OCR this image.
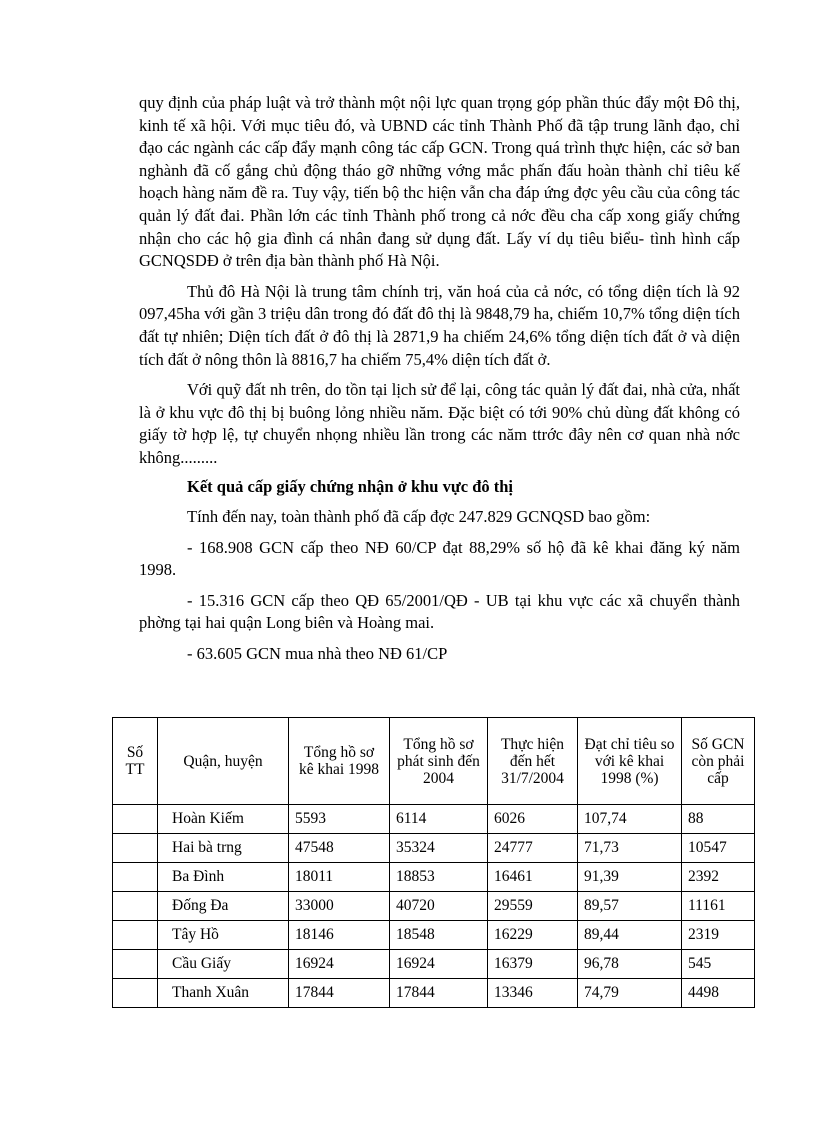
quy định của pháp luật và trở thành một nội lực quan trọng góp phần thúc đẩy một Đô thị, kinh tế xã hội. Với mục tiêu đó, và UBND các tỉnh Thành Phố đã tập trung lãnh đạo, chỉ đạo các ngành các cấp đẩy mạnh công tác cấp GCN. Trong quá trình thực hiện, các sở ban nghành đã cố gắng chủ động tháo gỡ những vớng mắc phấn đấu hoàn thành chỉ tiêu kế hoạch hàng năm đề ra. Tuy vậy, tiến bộ thc hiện vẫn cha đáp ứng đợc yêu cầu của công tác quản lý đất đai. Phần lớn các tỉnh Thành phố trong cả nớc đều cha cấp xong giấy chứng nhận cho các hộ gia đình cá nhân đang sử dụng đất. Lấy ví dụ tiêu biểu- tình hình cấp GCNQSDĐ ở trên địa bàn thành phố Hà Nội.

Thủ đô Hà Nội là trung tâm chính trị, văn hoá của cả nớc, có tổng diện tích là 92 097,45ha với gần 3 triệu dân trong đó đất đô thị là 9848,79 ha, chiếm 10,7% tổng diện tích đất tự nhiên; Diện tích đất ở đô thị là 2871,9 ha chiếm 24,6% tổng diện tích đất ở và diện tích đất ở nông thôn là 8816,7 ha chiếm 75,4% diện tích đất ở.

Với quỹ đất nh trên, do tồn tại lịch sử để lại, công tác quản lý đất đai, nhà cửa, nhất là ở khu vực đô thị bị buông lỏng nhiều năm. Đặc biệt có tới 90% chủ dùng đất không có giấy tờ hợp lệ, tự chuyển nhọng nhiều lần trong các năm ttrớc đây nên cơ quan nhà nớc không.........

Kết quả cấp giấy chứng nhận ở khu vực đô thị

Tính đến nay, toàn thành phố đã cấp đợc 247.829 GCNQSD bao gồm:

- 168.908 GCN cấp theo NĐ 60/CP đạt 88,29% số hộ đã kê khai đăng ký năm 1998.

- 15.316 GCN cấp theo QĐ 65/2001/QĐ - UB tại khu vực các xã chuyển thành phờng tại hai quận Long biên và Hoàng mai.

- 63.605 GCN mua nhà theo NĐ 61/CP

Số TT	Quận, huyện	Tổng hồ sơ kê khai 1998	Tổng hồ sơ phát sinh đến 2004	Thực hiện đến hết 31/7/2004	Đạt chỉ tiêu so với kê khai 1998 (%)	Số GCN còn phải cấp
	Hoàn Kiếm	5593	6114	6026	107,74	88
	Hai bà trng	47548	35324	24777	71,73	10547
	Ba Đình	18011	18853	16461	91,39	2392
	Đống Đa	33000	40720	29559	89,57	11161
	Tây Hồ	18146	18548	16229	89,44	2319
	Cầu Giấy	16924	16924	16379	96,78	545
	Thanh Xuân	17844	17844	13346	74,79	4498
